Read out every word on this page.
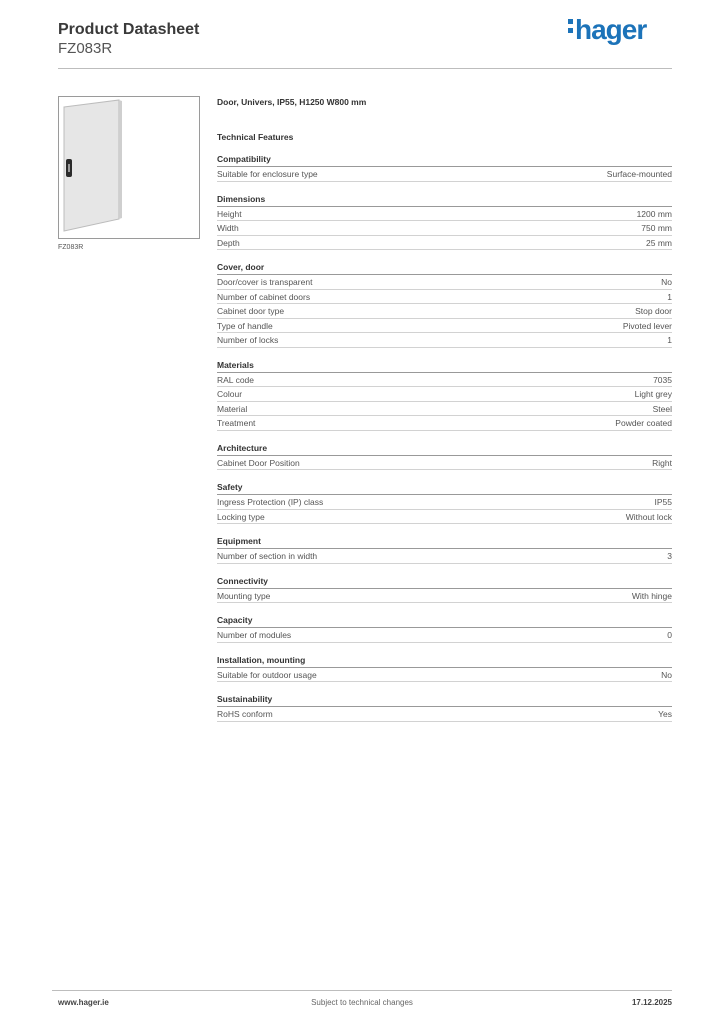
Product Datasheet
FZ083R
hager
FZ083R
Door, Univers, IP55, H1250 W800 mm
Technical Features
Compatibility
Suitable for enclosure type	Surface-mounted
Dimensions
Height	1200 mm
Width	750 mm
Depth	25 mm
Cover, door
Door/cover is transparent	No
Number of cabinet doors	1
Cabinet door type	Stop door
Type of handle	Pivoted lever
Number of locks	1
Materials
RAL code	7035
Colour	Light grey
Material	Steel
Treatment	Powder coated
Architecture
Cabinet Door Position	Right
Safety
Ingress Protection (IP) class	IP55
Locking type	Without lock
Equipment
Number of section in width	3
Connectivity
Mounting type	With hinge
Capacity
Number of modules	0
Installation, mounting
Suitable for outdoor usage	No
Sustainability
RoHS conform	Yes
www.hager.ie	Subject to technical changes	17.12.2025
